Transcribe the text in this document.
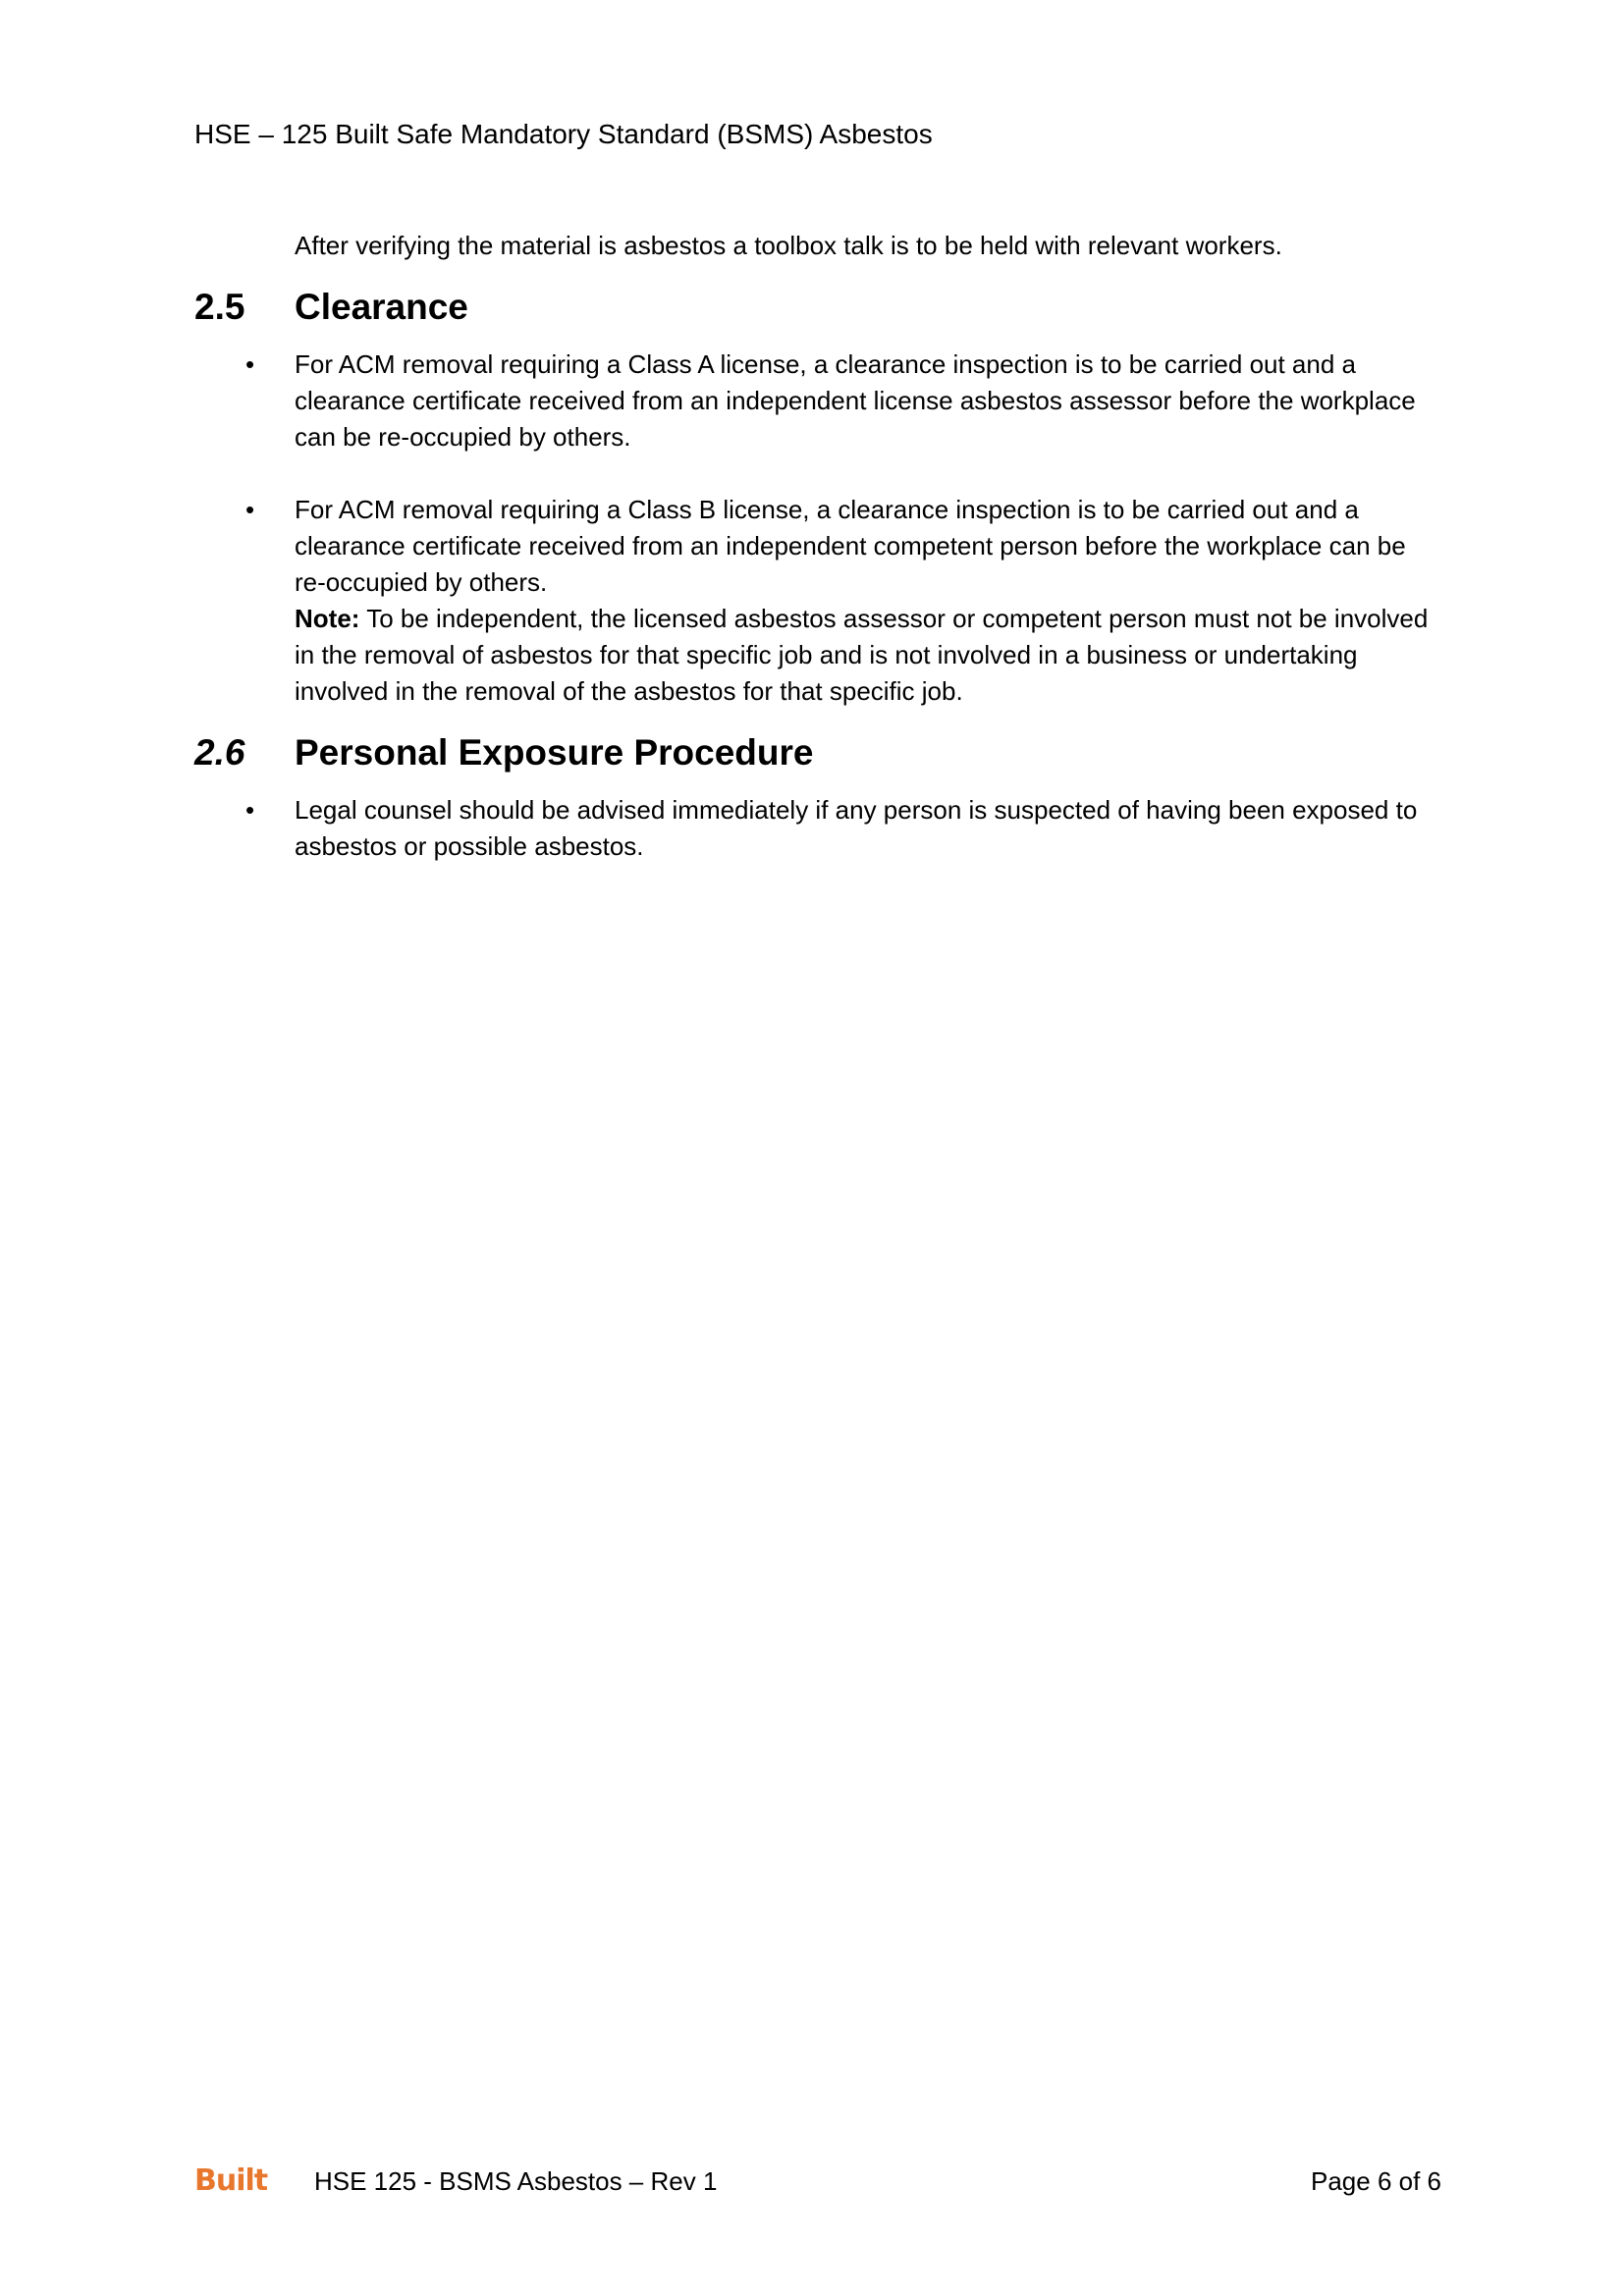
HSE – 125 Built Safe Mandatory Standard (BSMS) Asbestos

After verifying the material is asbestos a toolbox talk is to be held with relevant workers.

2.5	Clearance
• For ACM removal requiring a Class A license, a clearance inspection is to be carried out and a clearance certificate received from an independent license asbestos assessor before the workplace can be re-occupied by others.
• For ACM removal requiring a Class B license, a clearance inspection is to be carried out and a clearance certificate received from an independent competent person before the workplace can be re-occupied by others.

Note: To be independent, the licensed asbestos assessor or competent person must not be involved in the removal of asbestos for that specific job and is not involved in a business or undertaking involved in the removal of the asbestos for that specific job.

2.6	Personal Exposure Procedure
• Legal counsel should be advised immediately if any person is suspected of having been exposed to asbestos or possible asbestos.
Built HSE 125 - BSMS Asbestos – Rev 1	Page 6 of 6
